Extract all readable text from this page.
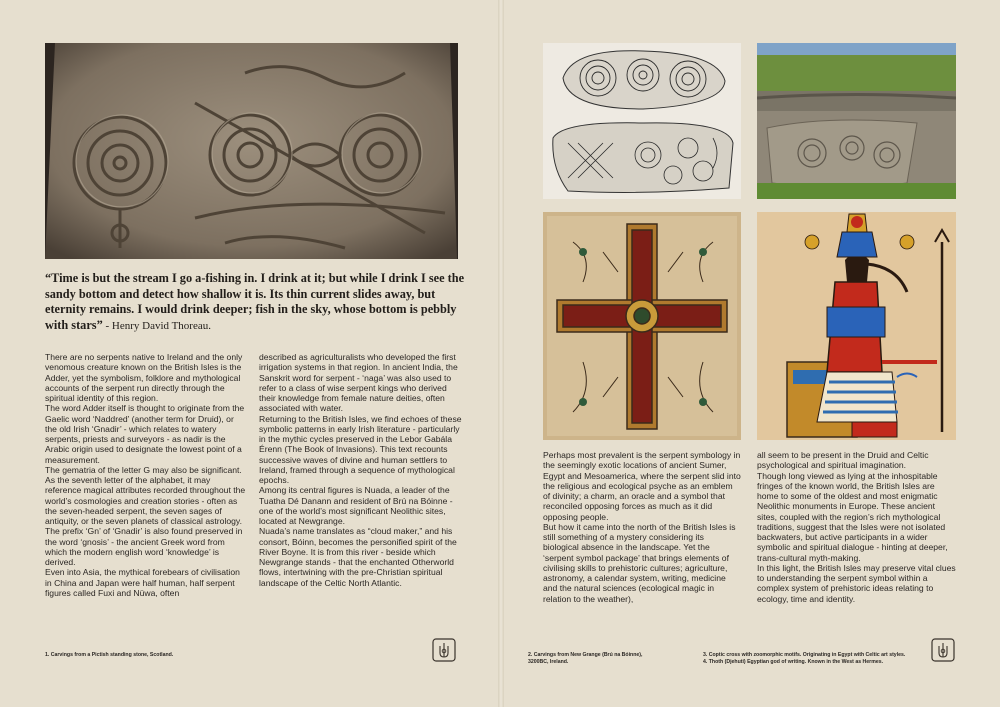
“Time is but the stream I go a-fishing in. I drink at it; but while I drink I see the sandy bottom and detect how shallow it is. Its thin current slides away, but eternity remains. I would drink deeper; fish in the sky, whose bottom is pebbly with stars” - Henry David Thoreau.

There are no serpents native to Ireland and the only venomous creature known on the British Isles is the Adder, yet the symbolism, folklore and mythological accounts of the serpent run directly through the spiritual identity of this region.

The word Adder itself is thought to originate from the Gaelic word ‘Naddred’ (another term for Druid), or the old Irish ‘Gnadir’ - which relates to watery serpents, priests and surveyors - as nadir is the Arabic origin used to designate the lowest point of a measurement.

The gematria of the letter G may also be significant. As the seventh letter of the alphabet, it may reference magical attributes recorded throughout the world’s cosmologies and creation stories - often as the seven-headed serpent, the seven sages of antiquity, or the seven planets of classical astrology. The prefix ‘Gn’ of ‘Gnadir’ is also found preserved in the word ‘gnosis’ - the ancient Greek word from which the modern english word ‘knowledge’ is derived.

Even into Asia, the mythical forebears of civilisation in China and Japan were half human, half serpent figures called Fuxi and Nüwa, often

described as agriculturalists who developed the first irrigation systems in that region. In ancient India, the Sanskrit word for serpent - ‘naga’ was also used to refer to a class of wise serpent kings who derived their knowledge from female nature deities, often associated with water.

Returning to the British Isles, we find echoes of these symbolic patterns in early Irish literature - particularly in the mythic cycles preserved in the Lebor Gabála Érenn (The Book of Invasions). This text recounts successive waves of divine and human settlers to Ireland, framed through a sequence of mythological epochs.

Among its central figures is Nuada, a leader of the Tuatha Dé Danann and resident of Brú na Bóinne - one of the world’s most significant Neolithic sites, located at Newgrange.

Nuada’s name translates as “cloud maker,” and his consort, Bóinn, becomes the personified spirit of the River Boyne. It is from this river - beside which Newgrange stands - that the enchanted Otherworld flows, intertwining with the pre-Christian spiritual landscape of the Celtic North Atlantic.

1. Carvings from a Pictish standing stone, Scotland.

Perhaps most prevalent is the serpent symbology in the seemingly exotic locations of ancient Sumer, Egypt and Mesoamerica, where the serpent slid into the religious and ecological psyche as an emblem of divinity; a charm, an oracle and a symbol that reconciled opposing forces as much as it did opposing people.

But how it came into the north of the British Isles is still something of a mystery considering its biological absence in the landscape. Yet the ‘serpent symbol package’ that brings elements of civilising skills to prehistoric cultures; agriculture, astronomy, a calendar system, writing, medicine and the natural sciences (ecological magic in relation to the weather),

all seem to be present in the Druid and Celtic psychological and spiritual imagination.

Though long viewed as lying at the inhospitable fringes of the known world, the British Isles are home to some of the oldest and most enigmatic Neolithic monuments in Europe. These ancient sites, coupled with the region’s rich mythological traditions, suggest that the Isles were not isolated backwaters, but active participants in a wider symbolic and spiritual dialogue - hinting at deeper, trans-cultural myth-making.

In this light, the British Isles may preserve vital clues to understanding the serpent symbol within a complex system of prehistoric ideas relating to ecology, time and identity.

2. Carvings from New Grange (Brú na Bóinne),
3200BC, Ireland.
3. Coptic cross with zoomorphic motifs. Originating in Egypt with Celtic art styles.
4. Thoth (Djehuti) Egyptian god of writing. Known in the West as Hermes.
